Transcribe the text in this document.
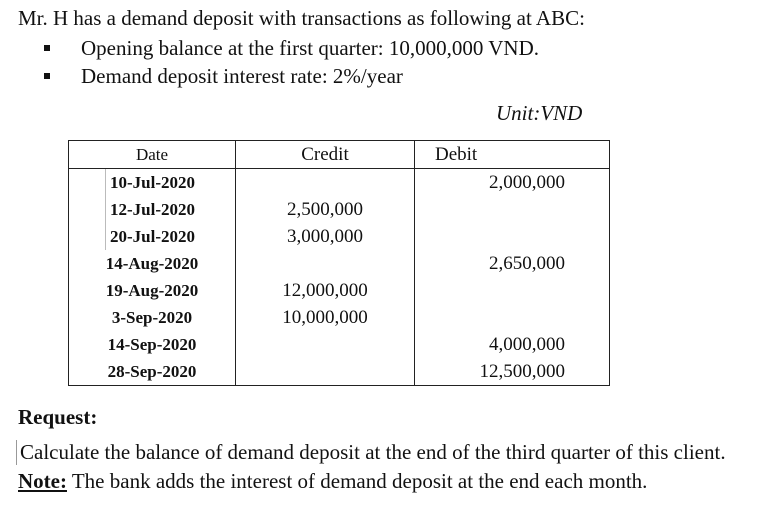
Mr. H has a demand deposit with transactions as following at ABC:
Opening balance at the first quarter: 10,000,000 VND.
Demand deposit interest rate: 2%/year
Unit:VND
Date	Credit	Debit
10-Jul-2020		2,000,000
12-Jul-2020	2,500,000	
20-Jul-2020	3,000,000	
14-Aug-2020		2,650,000
19-Aug-2020	12,000,000	
3-Sep-2020	10,000,000	
14-Sep-2020		4,000,000
28-Sep-2020		12,500,000
Request:
Calculate the balance of demand deposit at the end of the third quarter of this client.
Note: The bank adds the interest of demand deposit at the end each month.
